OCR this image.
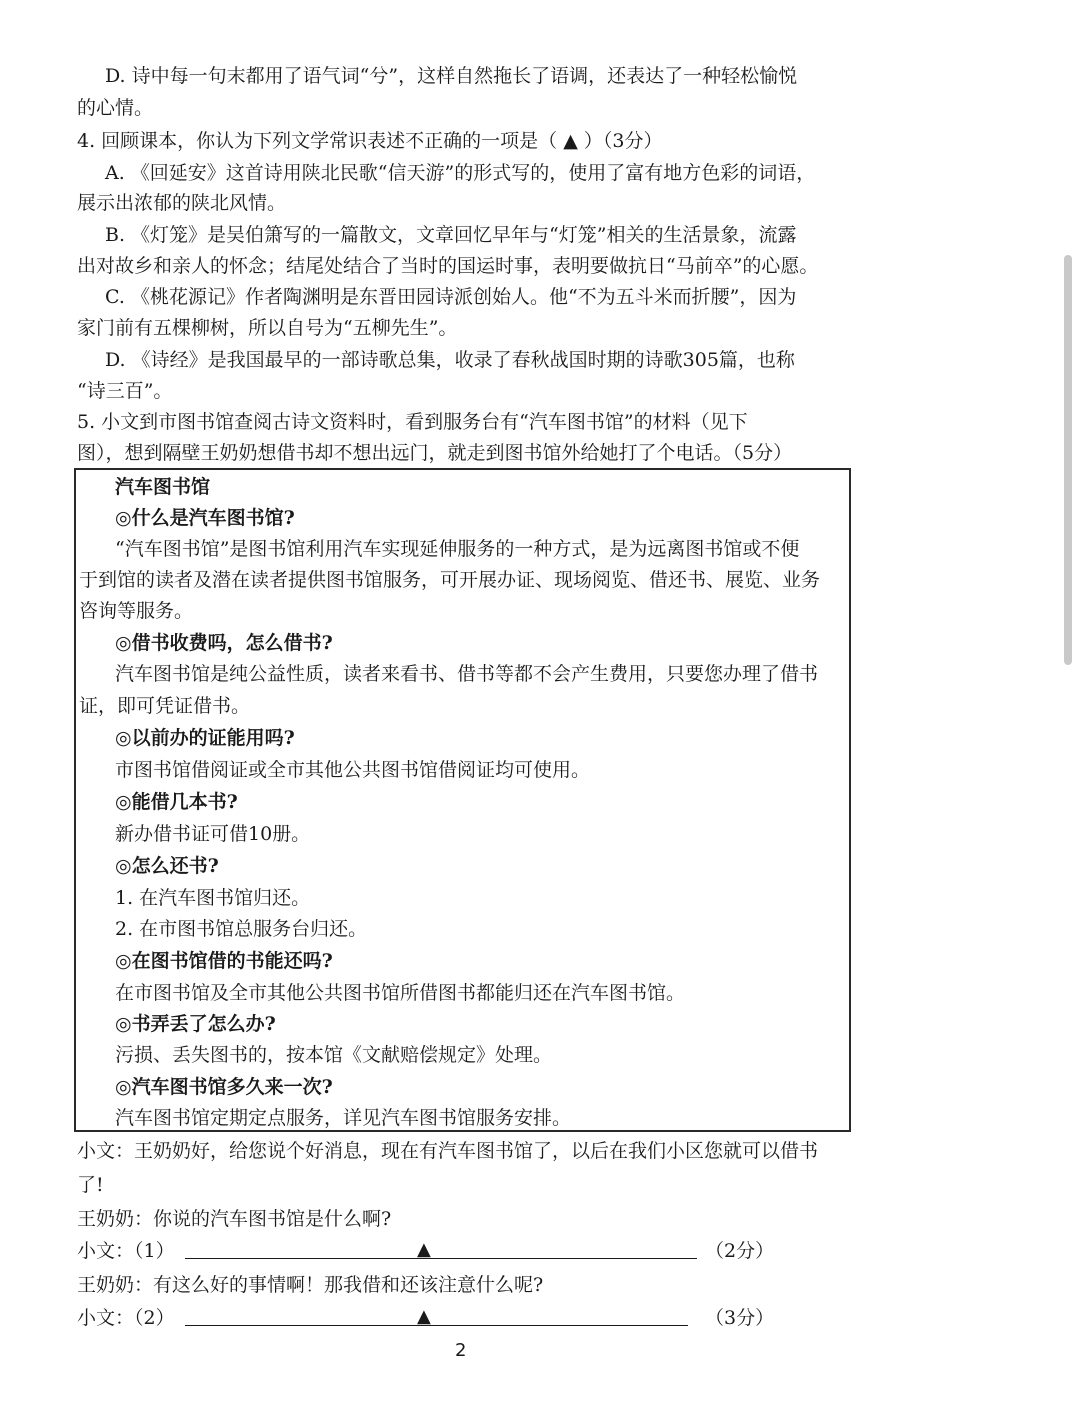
D. 诗中每一句末都用了语气词“兮”，这样自然拖长了语调，还表达了一种轻松愉悦
的心情。
4. 回顾课本，你认为下列文学常识表述不正确的一项是（ ▲ ）（3分）
A. 《回延安》这首诗用陕北民歌“信天游”的形式写的，使用了富有地方色彩的词语，
展示出浓郁的陕北风情。
B. 《灯笼》是吴伯箫写的一篇散文，文章回忆早年与“灯笼”相关的生活景象，流露
出对故乡和亲人的怀念；结尾处结合了当时的国运时事，表明要做抗日“马前卒”的心愿。
C. 《桃花源记》作者陶渊明是东晋田园诗派创始人。他“不为五斗米而折腰”，因为
家门前有五棵柳树，所以自号为“五柳先生”。
D. 《诗经》是我国最早的一部诗歌总集，收录了春秋战国时期的诗歌305篇，也称
“诗三百”。
5. 小文到市图书馆查阅古诗文资料时，看到服务台有“汽车图书馆”的材料（见下
图），想到隔壁王奶奶想借书却不想出远门，就走到图书馆外给她打了个电话。（5分）
汽车图书馆
◎什么是汽车图书馆?
“汽车图书馆”是图书馆利用汽车实现延伸服务的一种方式，是为远离图书馆或不便
于到馆的读者及潜在读者提供图书馆服务，可开展办证、现场阅览、借还书、展览、业务
咨询等服务。
◎借书收费吗，怎么借书?
汽车图书馆是纯公益性质，读者来看书、借书等都不会产生费用，只要您办理了借书
证，即可凭证借书。
◎以前办的证能用吗?
市图书馆借阅证或全市其他公共图书馆借阅证均可使用。
◎能借几本书?
新办借书证可借10册。
◎怎么还书?
1. 在汽车图书馆归还。
2. 在市图书馆总服务台归还。
◎在图书馆借的书能还吗?
在市图书馆及全市其他公共图书馆所借图书都能归还在汽车图书馆。
◎书弄丢了怎么办?
污损、丢失图书的，按本馆《文献赔偿规定》处理。
◎汽车图书馆多久来一次?
汽车图书馆定期定点服务，详见汽车图书馆服务安排。
小文：王奶奶好，给您说个好消息，现在有汽车图书馆了，以后在我们小区您就可以借书
了!
王奶奶：你说的汽车图书馆是什么啊?
小文：（1）	▲	（2分）
王奶奶：有这么好的事情啊！那我借和还该注意什么呢?
小文：（2）	▲	（3分）
2
